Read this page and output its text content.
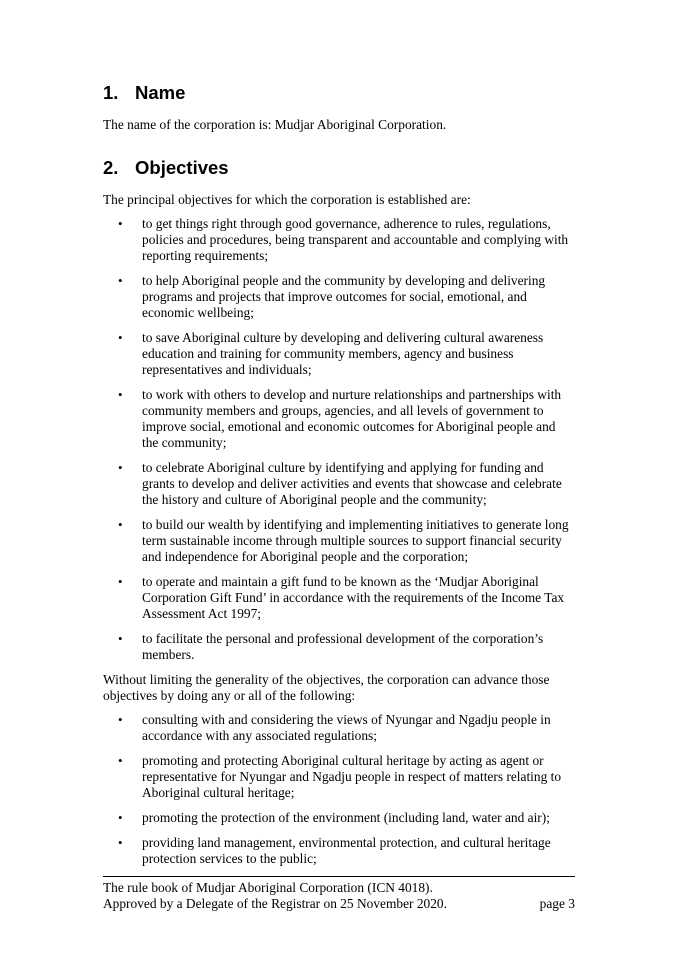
1. Name

The name of the corporation is: Mudjar Aboriginal Corporation.

2. Objectives

The principal objectives for which the corporation is established are:

• to get things right through good governance, adherence to rules, regulations, policies and procedures, being transparent and accountable and complying with reporting requirements;
• to help Aboriginal people and the community by developing and delivering programs and projects that improve outcomes for social, emotional, and economic wellbeing;
• to save Aboriginal culture by developing and delivering cultural awareness education and training for community members, agency and business representatives and individuals;
• to work with others to develop and nurture relationships and partnerships with community members and groups, agencies, and all levels of government to improve social, emotional and economic outcomes for Aboriginal people and the community;
• to celebrate Aboriginal culture by identifying and applying for funding and grants to develop and deliver activities and events that showcase and celebrate the history and culture of Aboriginal people and the community;
• to build our wealth by identifying and implementing initiatives to generate long term sustainable income through multiple sources to support financial security and independence for Aboriginal people and the corporation;
• to operate and maintain a gift fund to be known as the ‘Mudjar Aboriginal Corporation Gift Fund’ in accordance with the requirements of the Income Tax Assessment Act 1997;
• to facilitate the personal and professional development of the corporation’s members.

Without limiting the generality of the objectives, the corporation can advance those objectives by doing any or all of the following:

• consulting with and considering the views of Nyungar and Ngadju people in accordance with any associated regulations;
• promoting and protecting Aboriginal cultural heritage by acting as agent or representative for Nyungar and Ngadju people in respect of matters relating to Aboriginal cultural heritage;
• promoting the protection of the environment (including land, water and air);
• providing land management, environmental protection, and cultural heritage protection services to the public;
The rule book of Mudjar Aboriginal Corporation (ICN 4018).
Approved by a Delegate of the Registrar on 25 November 2020.	page 3
